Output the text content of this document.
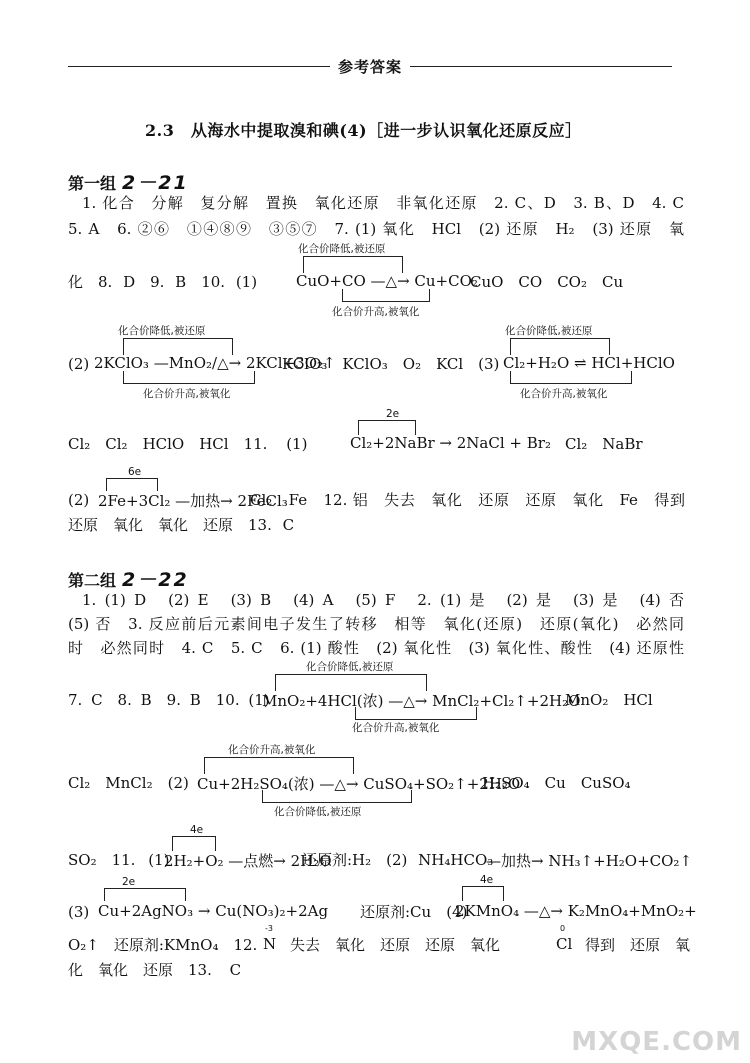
参考答案
2.3　从海水中提取溴和碘(4)［进一步认识氧化还原反应］
第一组 2－21
1. 化合　分解　复分解　置换　氧化还原　非氧化还原　2. C、D　3. B、D　4. C
5. A　6. ②⑥　①④⑧⑨　③⑤⑦　7. (1) 氧化　HCl　(2) 还原　H₂　(3) 还原　氧
化　8. D　9. B　10. (1)
化合价降低,被还原
CuO+CO —△→ Cu+CO₂
化合价升高,被氧化
CuO　CO　CO₂　Cu
化合价降低,被还原
(2) 2KClO₃ —MnO₂/△→ 2KCl+3O₂↑
化合价升高,被氧化
KClO₃　KClO₃　O₂　KCl　(3)
化合价降低,被还原
Cl₂+H₂O ⇌ HCl+HClO
化合价升高,被氧化
2e
Cl₂　Cl₂　HClO　HCl　11. (1)	Cl₂+2NaBr → 2NaCl + Br₂ Cl₂　NaBr
6e
(2) 2Fe+3Cl₂ —加热→ 2FeCl₃
Cl₂　Fe　12. 铝　失去　氧化　还原　还原　氧化　Fe　得到
还原　氧化　氧化　还原　13. C
第二组 2－22
1. (1) D　(2) E　(3) B　(4) A　(5) F　2. (1) 是　(2) 是　(3) 是　(4) 否
(5) 否　3. 反应前后元素间电子发生了转移　相等　氧化(还原)　还原(氧化)　必然同
时　必然同时　4. C　5. C　6. (1) 酸性　(2) 氧化性　(3) 氧化性、酸性　(4) 还原性
化合价降低,被还原
7. C　8. B　9. B　10. (1)
MnO₂+4HCl(浓) —△→ MnCl₂+Cl₂↑+2H₂O
化合价升高,被氧化
MnO₂　HCl
化合价升高,被氧化
Cl₂　MnCl₂　(2) Cu+2H₂SO₄(浓) —△→ CuSO₄+SO₂↑+2H₂O
化合价降低,被还原
H₂SO₄　Cu　CuSO₄
4e
SO₂　11. (1)
2H₂+O₂ —点燃→ 2H₂O
还原剂:H₂　(2) NH₄HCO₃
—加热→ NH₃↑+H₂O+CO₂↑
2e
(3) Cu+2AgNO₃ → Cu(NO₃)₂+2Ag 还原剂:Cu　(4)
4e
2KMnO₄ —△→ K₂MnO₄+MnO₂+
O₂↑　还原剂:KMnO₄　12.
-3
N 失去　氧化　还原　还原　氧化
0
Cl 得到　还原　氧
化　氧化　还原　13. C
MXQE.COM
